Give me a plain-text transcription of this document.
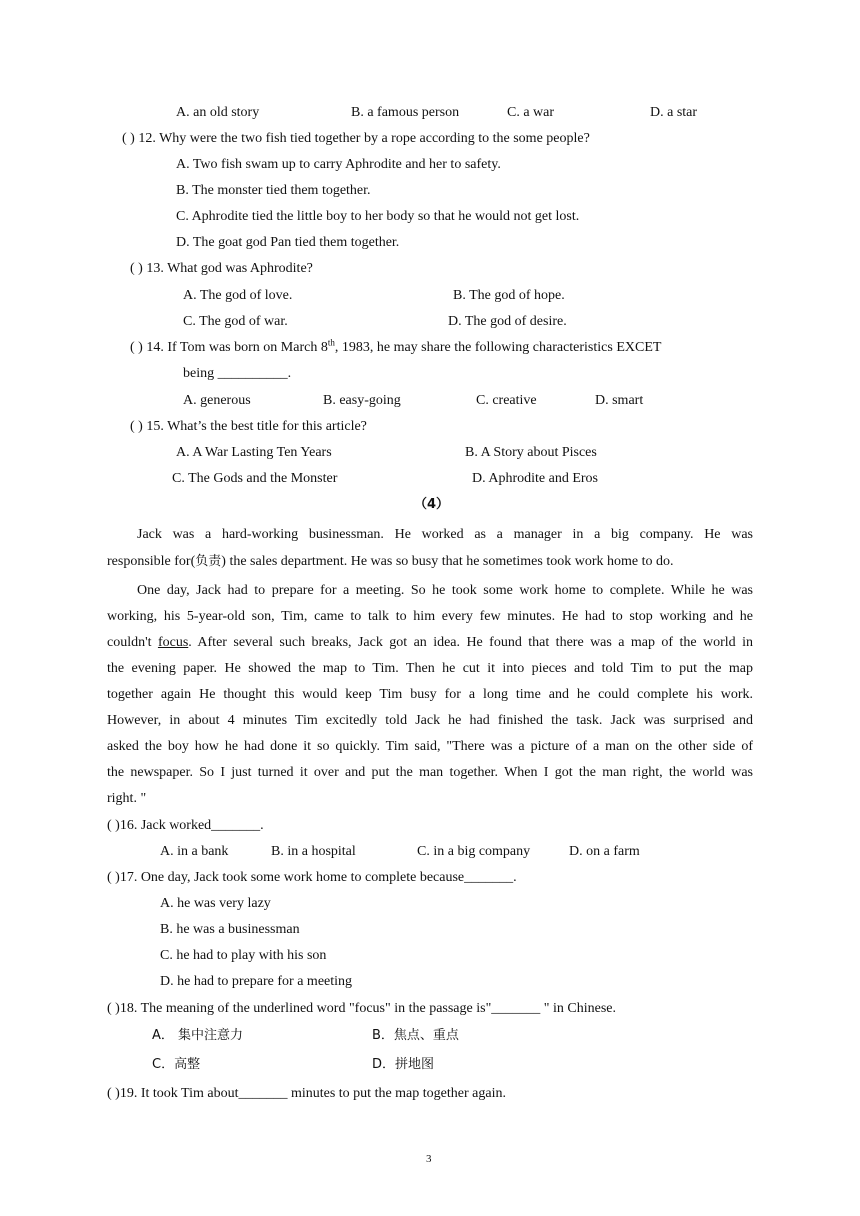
A. an old story	B. a famous person	C. a war	D. a star
( ) 12. Why were the two fish tied together by a rope according to the some people?
A. Two fish swam up to carry Aphrodite and her to safety.
B. The monster tied them together.
C. Aphrodite tied the little boy to her body so that he would not get lost.
D. The goat god Pan tied them together.
( ) 13. What god was Aphrodite?
A. The god of love.	B. The god of hope.
C. The god of war.	D. The god of desire.
( ) 14. If Tom was born on March 8th, 1983, he may share the following characteristics EXCET
being __________.
A. generous	B. easy-going	C. creative	D. smart
( ) 15. What’s the best title for this article?
A. A War Lasting Ten Years	B. A Story about Pisces
C. The Gods and the Monster	D. Aphrodite and Eros
（4）
Jack was a hard-working businessman. He worked as a manager in a big company. He was
responsible for(负责) the sales department. He was so busy that he sometimes took work home to do.
One day, Jack had to prepare for a meeting. So he took some work home to complete. While he was
working, his 5-year-old son, Tim, came to talk to him every few minutes. He had to stop working and he
couldn't focus. After several such breaks, Jack got an idea. He found that there was a map of the world in
the evening paper. He showed the map to Tim. Then he cut it into pieces and told Tim to put the map
together again He thought this would keep Tim busy for a long time and he could complete his work.
However, in about 4 minutes Tim excitedly told Jack he had finished the task. Jack was surprised and
asked the boy how he had done it so quickly. Tim said, "There was a picture of a man on the other side of
the newspaper. So I just turned it over and put the man together. When I got the man right, the world was
right. "
( )16. Jack worked_______.
A. in a bank	B. in a hospital	C. in a big company	D. on a farm
( )17. One day, Jack took some work home to complete because_______.
A. he was very lazy
B. he was a businessman
C. he had to play with his son
D. he had to prepare for a meeting
( )18. The meaning of the underlined word "focus" in the passage is"_______ " in Chinese.
A． 集中注意力	B．焦点、重点
C．高整	D．拼地图
( )19. It took Tim about_______ minutes to put the map together again.
3
